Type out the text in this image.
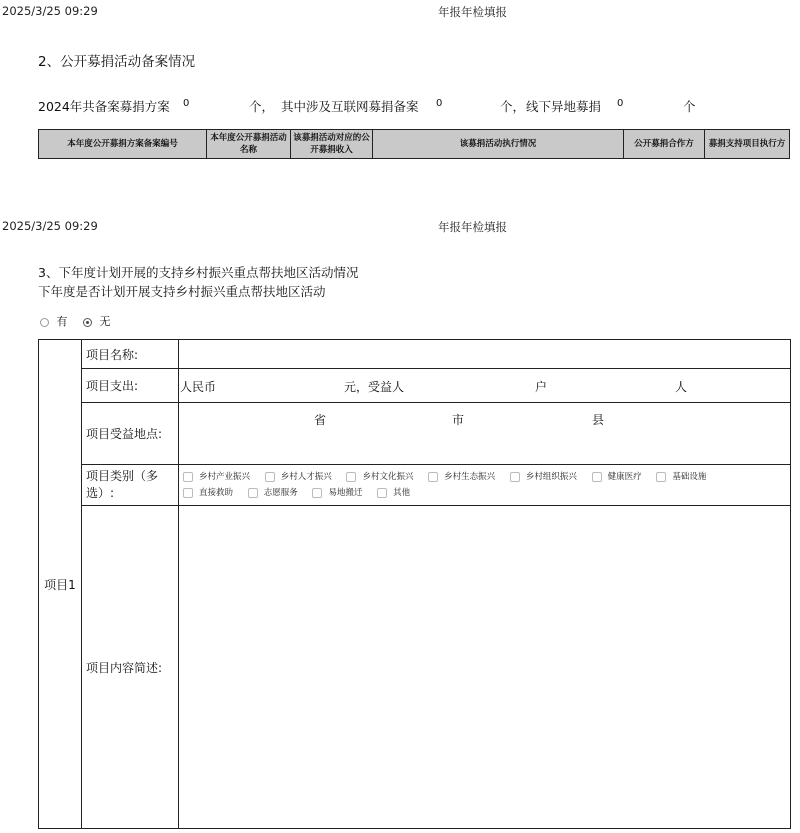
2025/3/25 09:29	年报年检填报
2、公开募捐活动备案情况
2024年共备案募捐方案 0	个， 其中涉及互联网募捐备案 0	个， 线下异地募捐 0	个
本年度公开募捐方案备案编号	本年度公开募捐活动名称	该募捐活动对应的公开募捐收入	该募捐活动执行情况	公开募捐合作方	募捐支持项目执行方
2025/3/25 09:29	年报年检填报
3、下年度计划开展的支持乡村振兴重点帮扶地区活动情况
下年度是否计划开展支持乡村振兴重点帮扶地区活动
有	无
项目1	项目名称:	
	项目支出:	人民币 元，受益人 户 人

	项目受益地点:	省 市 县

	项目类别（多选）:	乡村产业振兴 乡村人才振兴 乡村文化振兴 乡村生态振兴 乡村组织振兴 健康医疗 基础设施
直接救助 志愿服务 易地搬迁 其他

	项目内容简述:	
